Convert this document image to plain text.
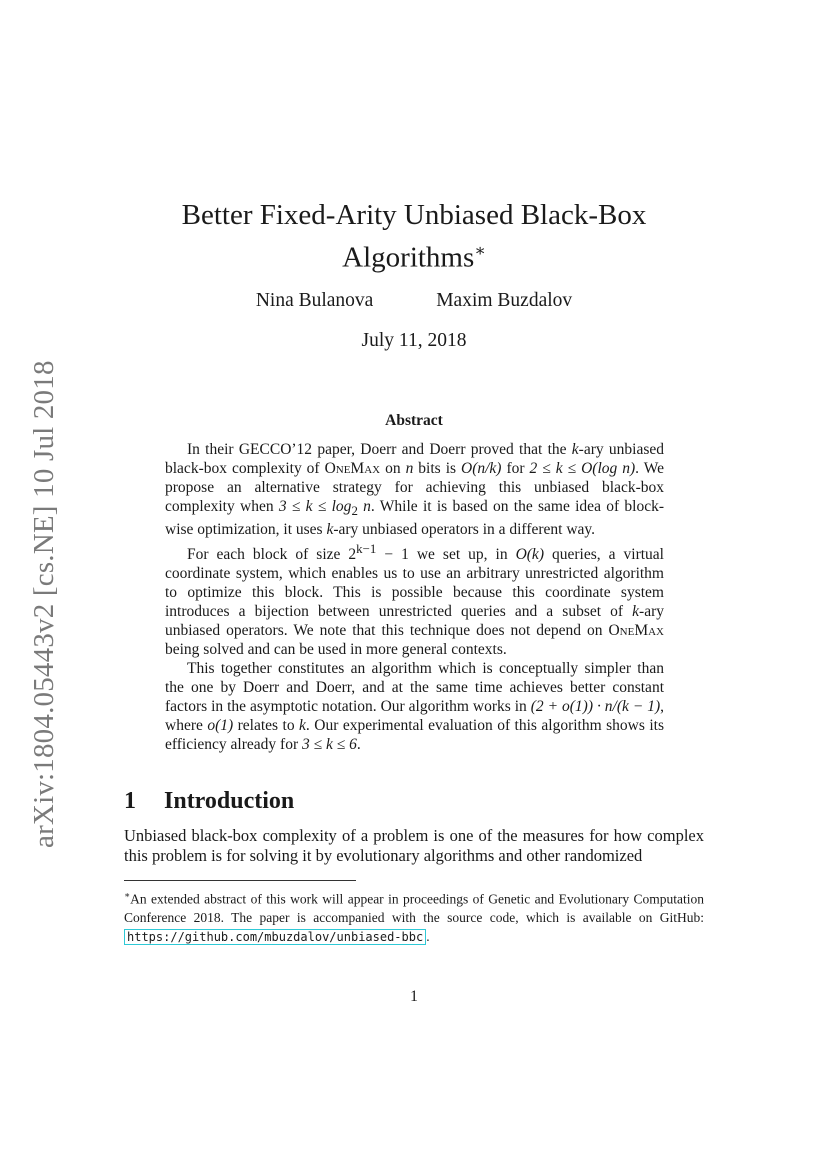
arXiv:1804.05443v2 [cs.NE] 10 Jul 2018
Better Fixed-Arity Unbiased Black-Box
Algorithms∗
Nina Bulanova	Maxim Buzdalov
July 11, 2018
Abstract

In their GECCO’12 paper, Doerr and Doerr proved that the k-ary unbiased black-box complexity of OneMax on n bits is O(n/k) for 2 ≤ k ≤ O(log n). We propose an alternative strategy for achieving this unbiased black-box complexity when $3 \le k \le \log_2 n$. While it is based on the same idea of block-wise optimization, it uses k-ary unbiased operators in a different way.

For each block of size $2^{k-1} - 1$ we set up, in O(k) queries, a virtual coordinate system, which enables us to use an arbitrary unrestricted algorithm to optimize this block. This is possible because this coordinate system introduces a bijection between unrestricted queries and a subset of k-ary unbiased operators. We note that this technique does not depend on OneMax being solved and can be used in more general contexts.

This together constitutes an algorithm which is conceptually simpler than the one by Doerr and Doerr, and at the same time achieves better constant factors in the asymptotic notation. Our algorithm works in (2 + o(1)) · n/(k − 1), where o(1) relates to k. Our experimental evaluation of this algorithm shows its efficiency already for 3 ≤ k ≤ 6.

1 Introduction

Unbiased black-box complexity of a problem is one of the measures for how complex this problem is for solving it by evolutionary algorithms and other randomized

∗An extended abstract of this work will appear in proceedings of Genetic and Evolutionary Computation Conference 2018. The paper is accompanied with the source code, which is available on GitHub: https://github.com/mbuzdalov/unbiased-bbc .
1
